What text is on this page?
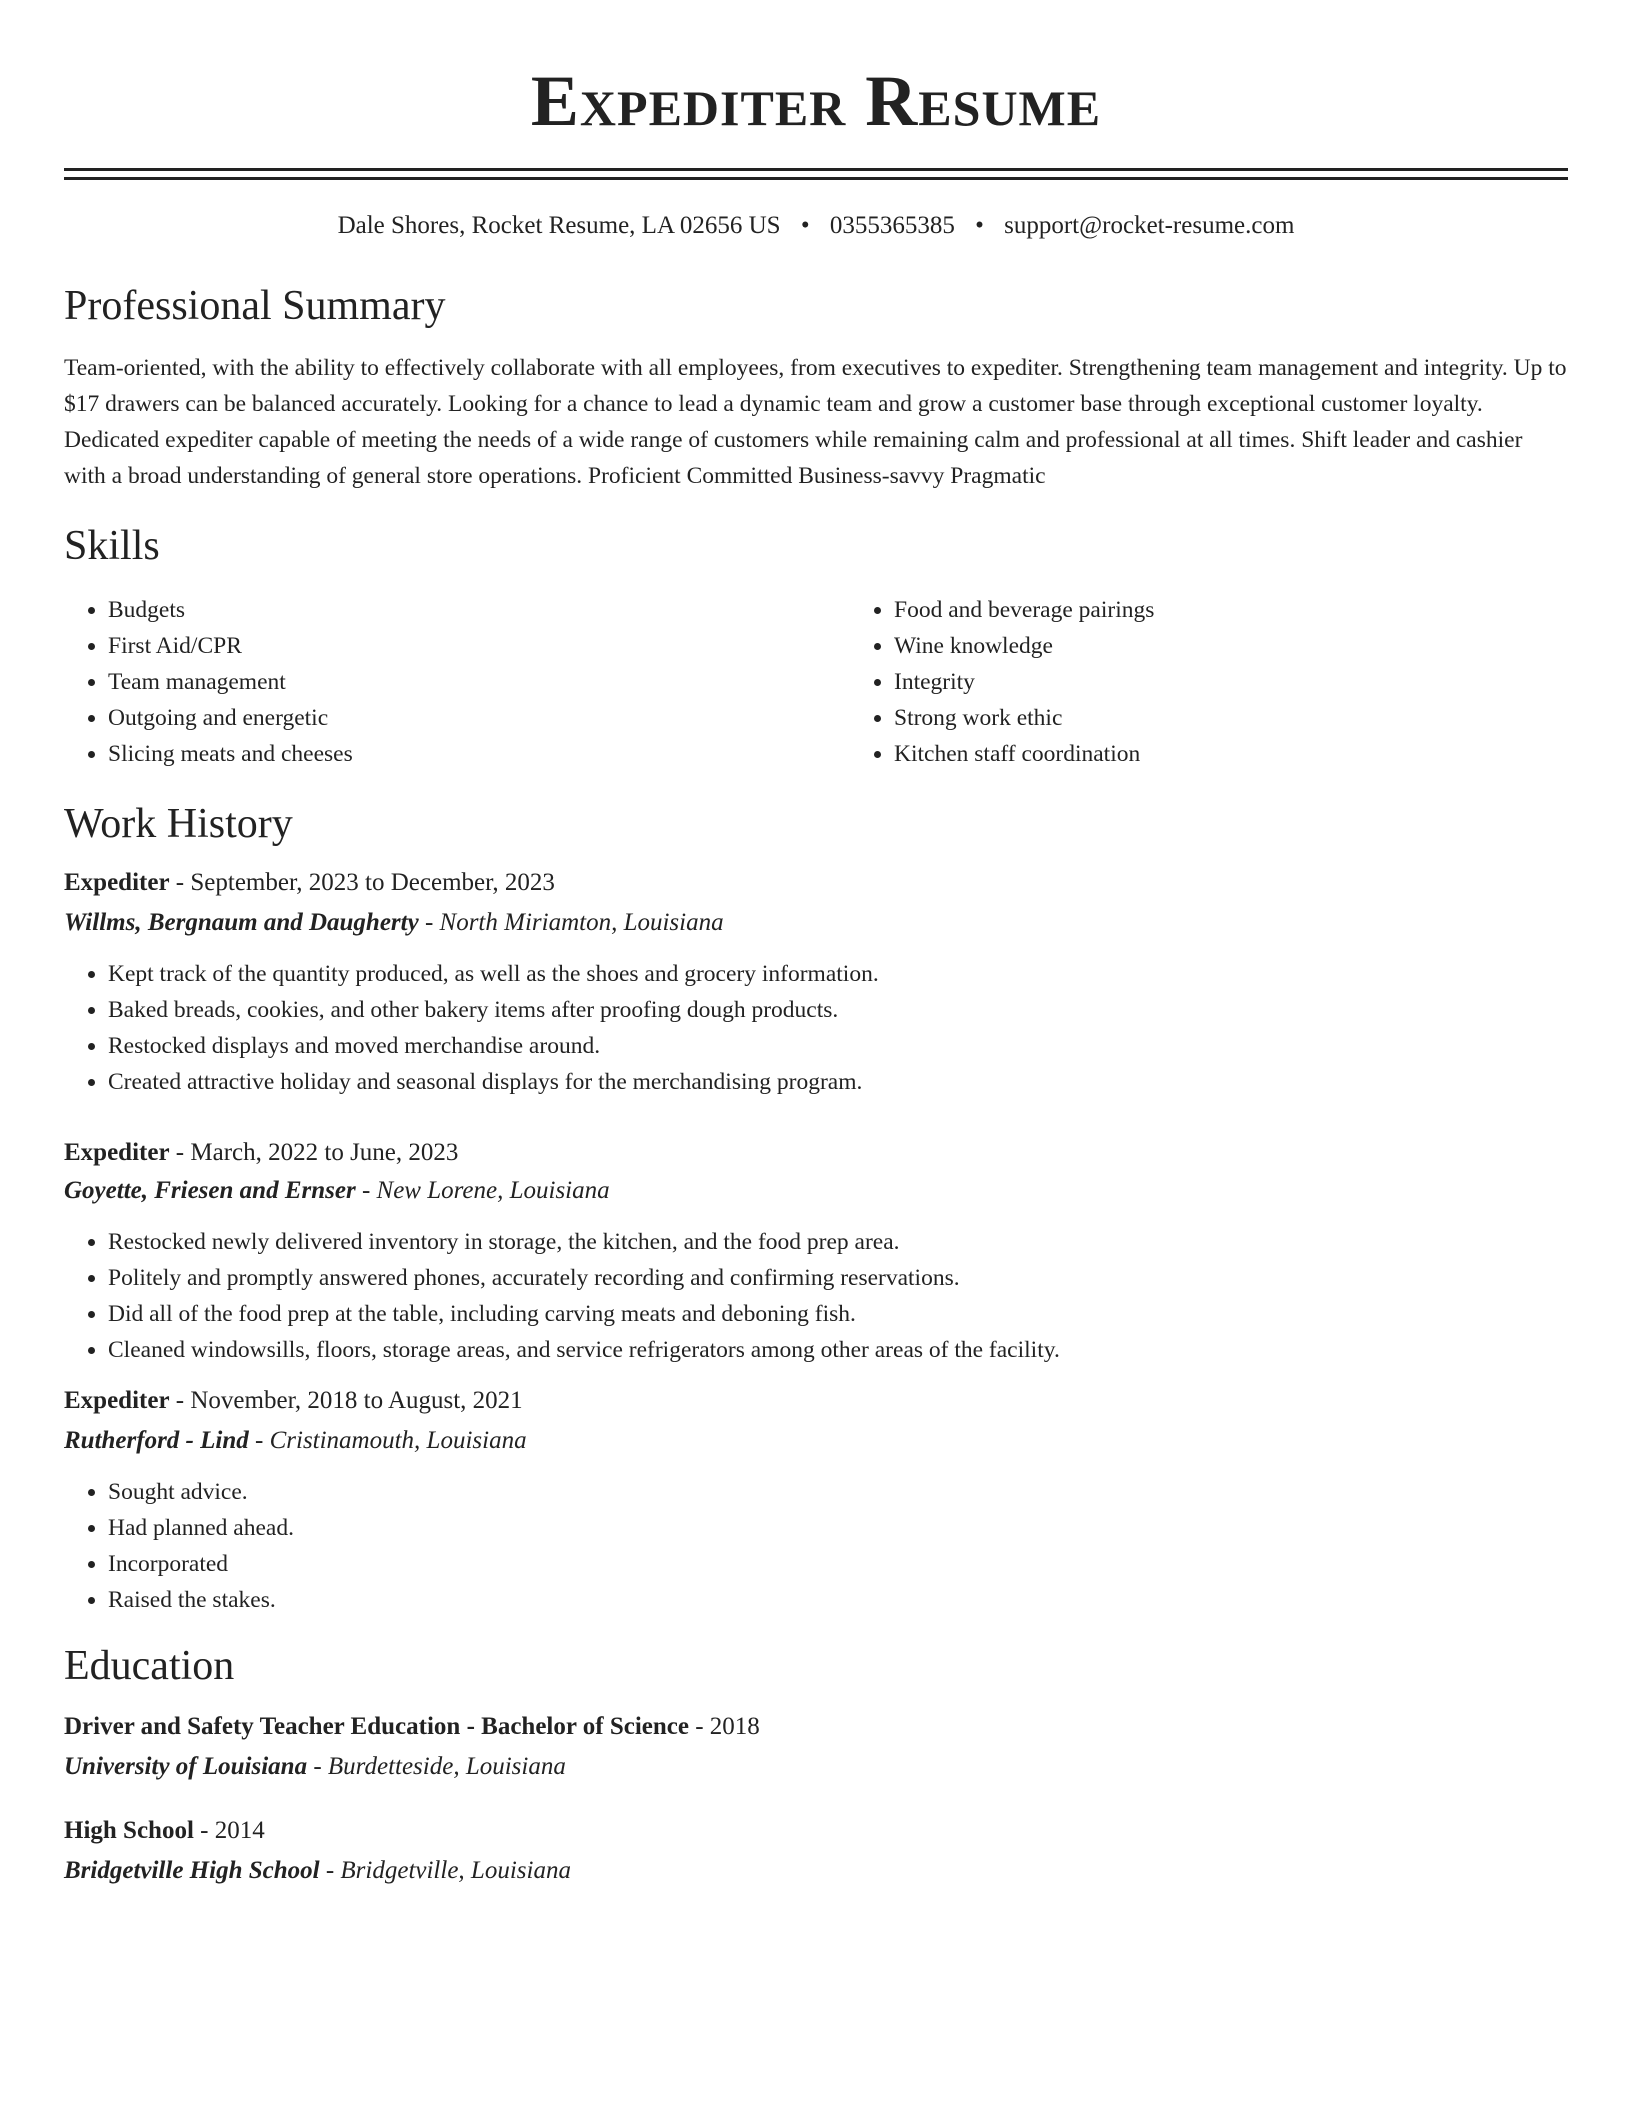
Expediter Resume
Dale Shores, Rocket Resume, LA 02656 US • 0355365385 • support@rocket-resume.com
Professional Summary

Team-oriented, with the ability to effectively collaborate with all employees, from executives to expediter. Strengthening team management and integrity. Up to $17 drawers can be balanced accurately. Looking for a chance to lead a dynamic team and grow a customer base through exceptional customer loyalty. Dedicated expediter capable of meeting the needs of a wide range of customers while remaining calm and professional at all times. Shift leader and cashier with a broad understanding of general store operations. Proficient Committed Business-savvy Pragmatic

Skills
• Budgets
• First Aid/CPR
• Team management
• Outgoing and energetic
• Slicing meats and cheeses
• Food and beverage pairings
• Wine knowledge
• Integrity
• Strong work ethic
• Kitchen staff coordination
Work History
Expediter - September, 2023 to December, 2023
Willms, Bergnaum and Daugherty - North Miriamton, Louisiana
• Kept track of the quantity produced, as well as the shoes and grocery information.
• Baked breads, cookies, and other bakery items after proofing dough products.
• Restocked displays and moved merchandise around.
• Created attractive holiday and seasonal displays for the merchandising program.
Expediter - March, 2022 to June, 2023
Goyette, Friesen and Ernser - New Lorene, Louisiana
• Restocked newly delivered inventory in storage, the kitchen, and the food prep area.
• Politely and promptly answered phones, accurately recording and confirming reservations.
• Did all of the food prep at the table, including carving meats and deboning fish.
• Cleaned windowsills, floors, storage areas, and service refrigerators among other areas of the facility.
Expediter - November, 2018 to August, 2021
Rutherford - Lind - Cristinamouth, Louisiana
• Sought advice.
• Had planned ahead.
• Incorporated
• Raised the stakes.
Education
Driver and Safety Teacher Education - Bachelor of Science - 2018
University of Louisiana - Burdetteside, Louisiana
High School - 2014
Bridgetville High School - Bridgetville, Louisiana
